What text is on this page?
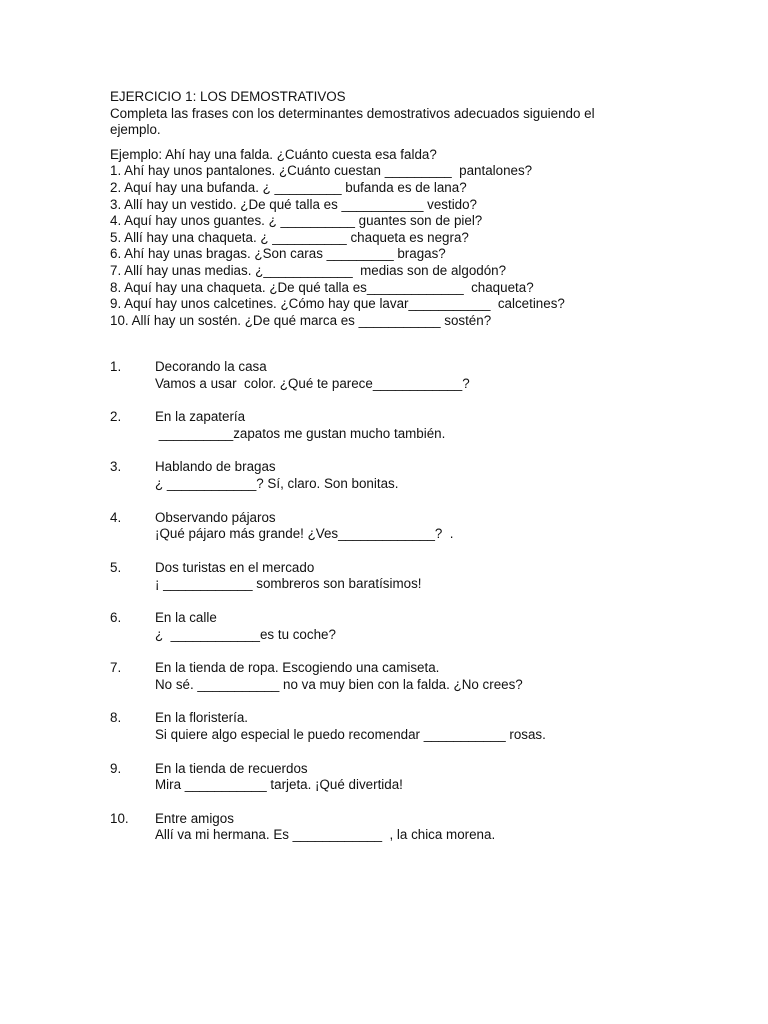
EJERCICIO 1: LOS DEMOSTRATIVOS
Completa las frases con los determinantes demostrativos adecuados siguiendo el
ejemplo.
Ejemplo: Ahí hay una falda. ¿Cuánto cuesta esa falda?
1. Ahí hay unos pantalones. ¿Cuánto cuestan _________  pantalones?
2. Aquí hay una bufanda. ¿ _________ bufanda es de lana?
3. Allí hay un vestido. ¿De qué talla es ___________ vestido?
4. Aquí hay unos guantes. ¿ __________ guantes son de piel?
5. Allí hay una chaqueta. ¿ __________ chaqueta es negra?
6. Ahí hay unas bragas. ¿Son caras _________ bragas?
7. Allí hay unas medias. ¿____________  medias son de algodón?
8. Aquí hay una chaqueta. ¿De qué talla es_____________  chaqueta?
9. Aquí hay unos calcetines. ¿Cómo hay que lavar___________  calcetines?
10. Allí hay un sostén. ¿De qué marca es ___________ sostén?
1.	Decorando la casa
Vamos a usar  color. ¿Qué te parece____________?
2.	En la zapatería
__________zapatos me gustan mucho también.
3.	Hablando de bragas
¿ ____________? Sí, claro. Son bonitas.
4.	Observando pájaros
¡Qué pájaro más grande! ¿Ves_____________?  .
5.	Dos turistas en el mercado
¡ ____________ sombreros son baratísimos!
6.	En la calle
¿  ____________es tu coche?
7.	En la tienda de ropa. Escogiendo una camiseta.
No sé. ___________ no va muy bien con la falda. ¿No crees?
8.	En la floristería.
Si quiere algo especial le puedo recomendar ___________ rosas.
9.	En la tienda de recuerdos
Mira ___________ tarjeta. ¡Qué divertida!
10.	Entre amigos
Allí va mi hermana. Es ____________  , la chica morena.
